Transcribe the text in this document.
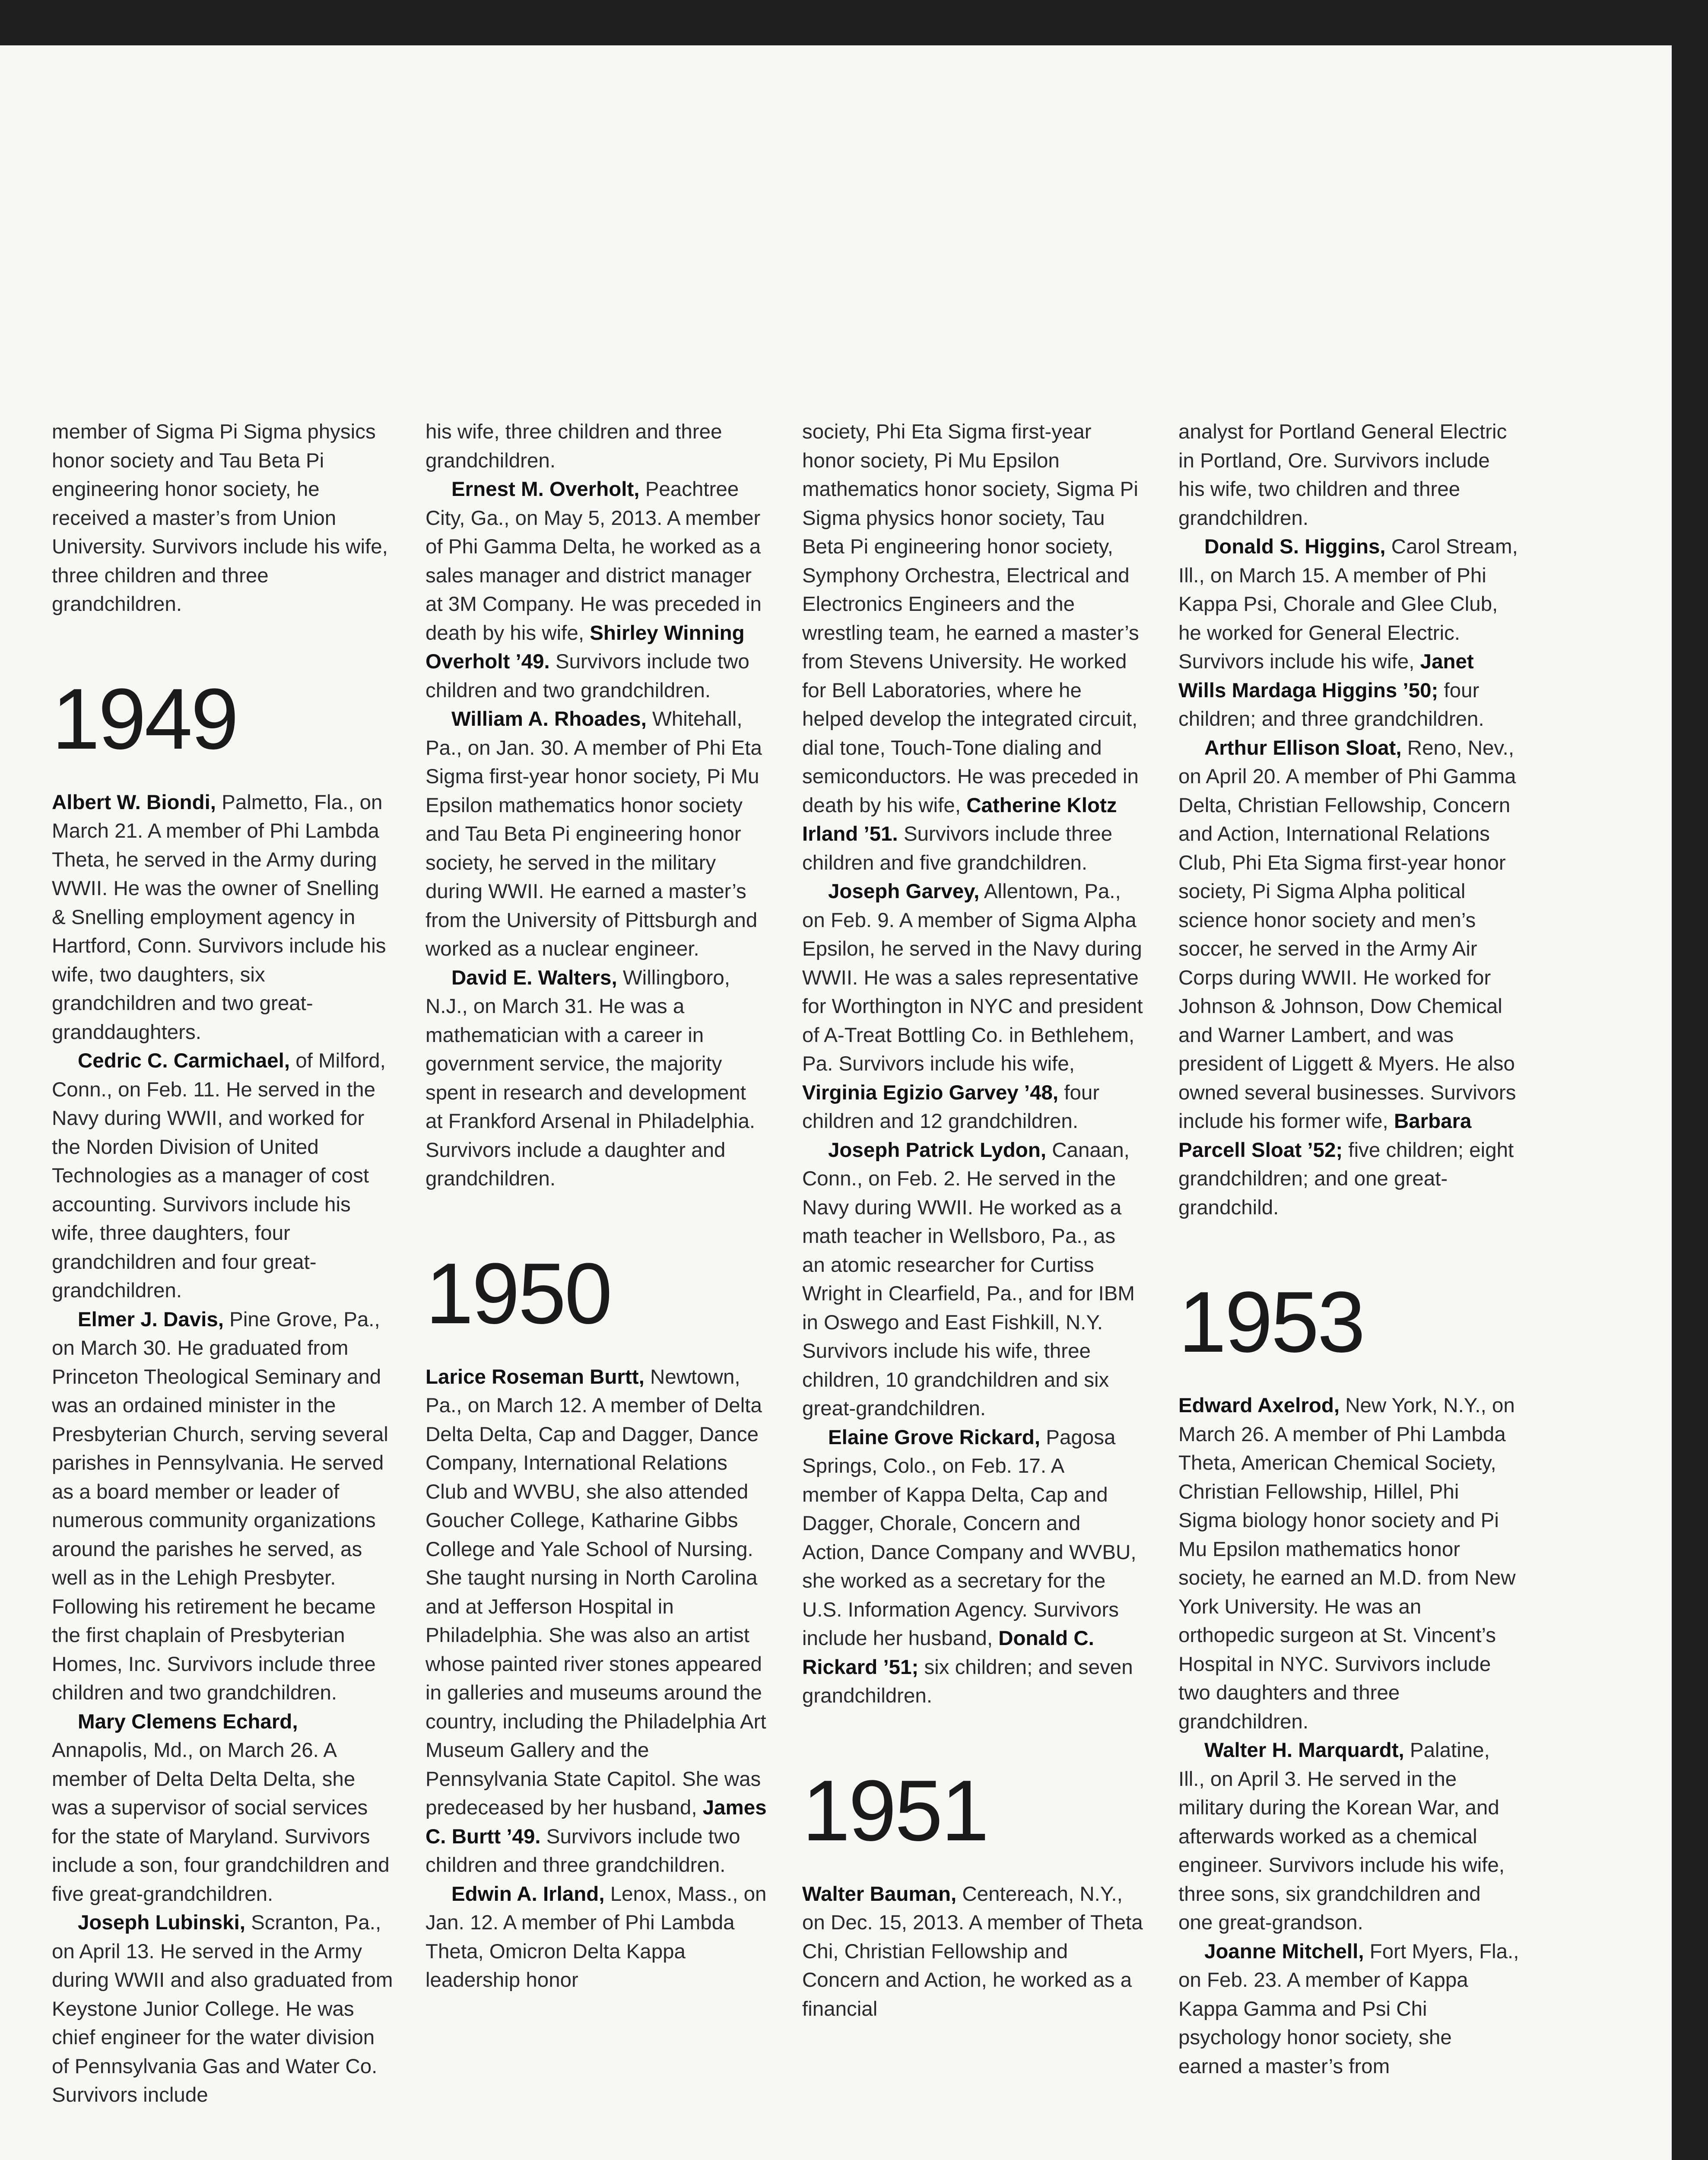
member of Sigma Pi Sigma physics honor society and Tau Beta Pi engineering honor society, he received a master’s from Union University. Survivors include his wife, three children and three grandchildren.

1949

Albert W. Biondi, Palmetto, Fla., on March 21. A member of Phi Lambda Theta, he served in the Army during WWII. He was the owner of Snelling & Snelling employment agency in Hartford, Conn. Survivors include his wife, two daughters, six grandchildren and two great-granddaughters.

Cedric C. Carmichael, of Milford, Conn., on Feb. 11. He served in the Navy during WWII, and worked for the Norden Division of United Technologies as a manager of cost accounting. Survivors include his wife, three daughters, four grandchildren and four great-grandchildren.

Elmer J. Davis, Pine Grove, Pa., on March 30. He graduated from Princeton Theological Seminary and was an ordained minister in the Presbyterian Church, serving several parishes in Pennsylvania. He served as a board member or leader of numerous community organizations around the parishes he served, as well as in the Lehigh Presbyter. Following his retirement he became the first chaplain of Presbyterian Homes, Inc. Survivors include three children and two grandchildren.

Mary Clemens Echard, Annapolis, Md., on March 26. A member of Delta Delta Delta, she was a supervisor of social services for the state of Maryland. Survivors include a son, four grandchildren and five great-grandchildren.

Joseph Lubinski, Scranton, Pa., on April 13. He served in the Army during WWII and also graduated from Keystone Junior College. He was chief engineer for the water division of Pennsylvania Gas and Water Co. Survivors include

his wife, three children and three grandchildren.

Ernest M. Overholt, Peachtree City, Ga., on May 5, 2013. A member of Phi Gamma Delta, he worked as a sales manager and district manager at 3M Company. He was preceded in death by his wife, Shirley Winning Overholt ’49. Survivors include two children and two grandchildren.

William A. Rhoades, Whitehall, Pa., on Jan. 30. A member of Phi Eta Sigma first-year honor society, Pi Mu Epsilon mathematics honor society and Tau Beta Pi engineering honor society, he served in the military during WWII. He earned a master’s from the University of Pittsburgh and worked as a nuclear engineer.

David E. Walters, Willingboro, N.J., on March 31. He was a mathematician with a career in government service, the majority spent in research and development at Frankford Arsenal in Philadelphia. Survivors include a daughter and grandchildren.

1950

Larice Roseman Burtt, Newtown, Pa., on March 12. A member of Delta Delta Delta, Cap and Dagger, Dance Company, International Relations Club and WVBU, she also attended Goucher College, Katharine Gibbs College and Yale School of Nursing. She taught nursing in North Carolina and at Jefferson Hospital in Philadelphia. She was also an artist whose painted river stones appeared in galleries and museums around the country, including the Philadelphia Art Museum Gallery and the Pennsylvania State Capitol. She was predeceased by her husband, James C. Burtt ’49. Survivors include two children and three grandchildren.

Edwin A. Irland, Lenox, Mass., on Jan. 12. A member of Phi Lambda Theta, Omicron Delta Kappa leadership honor

society, Phi Eta Sigma first-year honor society, Pi Mu Epsilon mathematics honor society, Sigma Pi Sigma physics honor society, Tau Beta Pi engineering honor society, Symphony Orchestra, Electrical and Electronics Engineers and the wrestling team, he earned a master’s from Stevens University. He worked for Bell Laboratories, where he helped develop the integrated circuit, dial tone, Touch-Tone dialing and semiconductors. He was preceded in death by his wife, Catherine Klotz Irland ’51. Survivors include three children and five grandchildren.

Joseph Garvey, Allentown, Pa., on Feb. 9. A member of Sigma Alpha Epsilon, he served in the Navy during WWII. He was a sales representative for Worthington in NYC and president of A-Treat Bottling Co. in Bethlehem, Pa. Survivors include his wife, Virginia Egizio Garvey ’48, four children and 12 grandchildren.

Joseph Patrick Lydon, Canaan, Conn., on Feb. 2. He served in the Navy during WWII. He worked as a math teacher in Wellsboro, Pa., as an atomic researcher for Curtiss Wright in Clearfield, Pa., and for IBM in Oswego and East Fishkill, N.Y. Survivors include his wife, three children, 10 grandchildren and six great-grandchildren.

Elaine Grove Rickard, Pagosa Springs, Colo., on Feb. 17. A member of Kappa Delta, Cap and Dagger, Chorale, Concern and Action, Dance Company and WVBU, she worked as a secretary for the U.S. Information Agency. Survivors include her husband, Donald C. Rickard ’51; six children; and seven grandchildren.

1951

Walter Bauman, Centereach, N.Y., on Dec. 15, 2013. A member of Theta Chi, Christian Fellowship and Concern and Action, he worked as a financial

analyst for Portland General Electric in Portland, Ore. Survivors include his wife, two children and three grandchildren.

Donald S. Higgins, Carol Stream, Ill., on March 15. A member of Phi Kappa Psi, Chorale and Glee Club, he worked for General Electric. Survivors include his wife, Janet Wills Mardaga Higgins ’50; four children; and three grandchildren.

Arthur Ellison Sloat, Reno, Nev., on April 20. A member of Phi Gamma Delta, Christian Fellowship, Concern and Action, International Relations Club, Phi Eta Sigma first-year honor society, Pi Sigma Alpha political science honor society and men’s soccer, he served in the Army Air Corps during WWII. He worked for Johnson & Johnson, Dow Chemical and Warner Lambert, and was president of Liggett & Myers. He also owned several businesses. Survivors include his former wife, Barbara Parcell Sloat ’52; five children; eight grandchildren; and one great-grandchild.

1953

Edward Axelrod, New York, N.Y., on March 26. A member of Phi Lambda Theta, American Chemical Society, Christian Fellowship, Hillel, Phi Sigma biology honor society and Pi Mu Epsilon mathematics honor society, he earned an M.D. from New York University. He was an orthopedic surgeon at St. Vincent’s Hospital in NYC. Survivors include two daughters and three grandchildren.

Walter H. Marquardt, Palatine, Ill., on April 3. He served in the military during the Korean War, and afterwards worked as a chemical engineer. Survivors include his wife, three sons, six grandchildren and one great-grandson.

Joanne Mitchell, Fort Myers, Fla., on Feb. 23. A member of Kappa Kappa Gamma and Psi Chi psychology honor society, she earned a master’s from
